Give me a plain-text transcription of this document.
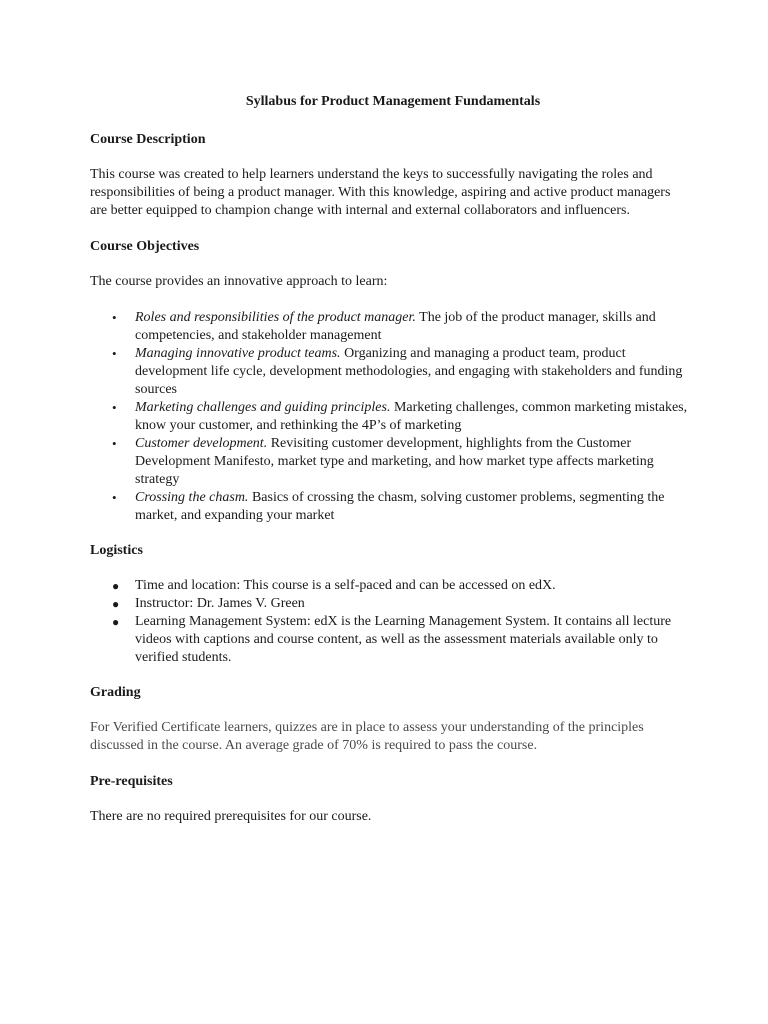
Syllabus for Product Management Fundamentals
Course Description

This course was created to help learners understand the keys to successfully navigating the roles and responsibilities of being a product manager. With this knowledge, aspiring and active product managers are better equipped to champion change with internal and external collaborators and influencers.

Course Objectives

The course provides an innovative approach to learn:

• Roles and responsibilities of the product manager. The job of the product manager, skills and competencies, and stakeholder management
• Managing innovative product teams. Organizing and managing a product team, product development life cycle, development methodologies, and engaging with stakeholders and funding sources
• Marketing challenges and guiding principles. Marketing challenges, common marketing mistakes, know your customer, and rethinking the 4P’s of marketing
• Customer development. Revisiting customer development, highlights from the Customer Development Manifesto, market type and marketing, and how market type affects marketing strategy
• Crossing the chasm. Basics of crossing the chasm, solving customer problems, segmenting the market, and expanding your market
Logistics
● Time and location: This course is a self-paced and can be accessed on edX.
● Instructor: Dr. James V. Green
● Learning Management System: edX is the Learning Management System. It contains all lecture videos with captions and course content, as well as the assessment materials available only to verified students.
Grading

For Verified Certificate learners, quizzes are in place to assess your understanding of the principles discussed in the course. An average grade of 70% is required to pass the course.

Pre-requisites

There are no required prerequisites for our course.
